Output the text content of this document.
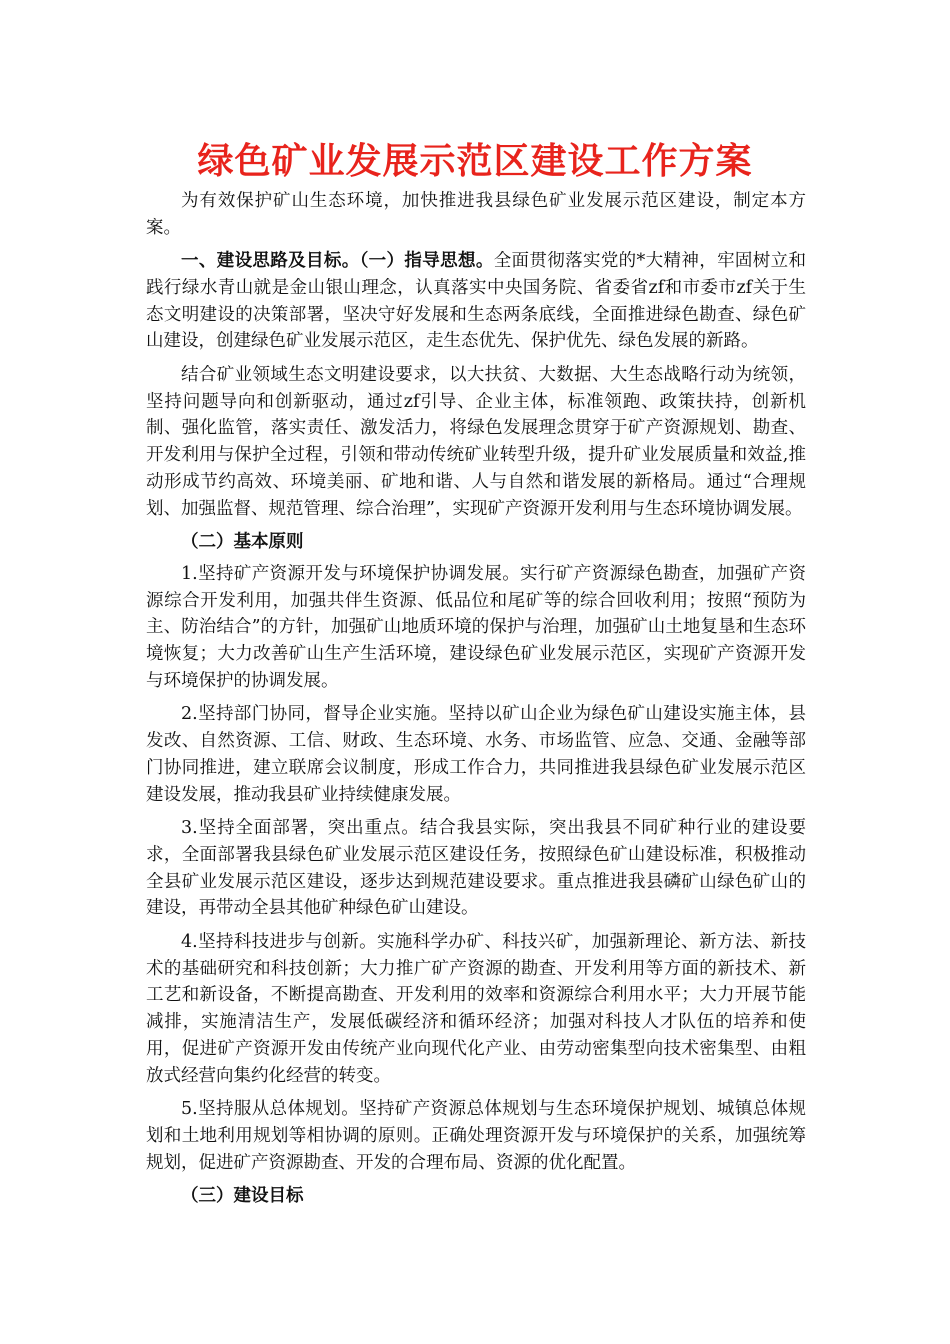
绿色矿业发展示范区建设工作方案

为有效保护矿山生态环境，加快推进我县绿色矿业发展示范区建设，制定本方案。

一、建设思路及目标。（一）指导思想。全面贯彻落实党的*大精神，牢固树立和践行绿水青山就是金山银山理念，认真落实中央国务院、省委省zf和市委市zf关于生态文明建设的决策部署，坚决守好发展和生态两条底线，全面推进绿色勘查、绿色矿山建设，创建绿色矿业发展示范区，走生态优先、保护优先、绿色发展的新路。

结合矿业领域生态文明建设要求，以大扶贫、大数据、大生态战略行动为统领，坚持问题导向和创新驱动，通过zf引导、企业主体，标准领跑、政策扶持，创新机制、强化监管，落实责任、激发活力，将绿色发展理念贯穿于矿产资源规划、勘查、开发利用与保护全过程，引领和带动传统矿业转型升级，提升矿业发展质量和效益,推动形成节约高效、环境美丽、矿地和谐、人与自然和谐发展的新格局。通过“合理规划、加强监督、规范管理、综合治理”，实现矿产资源开发利用与生态环境协调发展。

（二）基本原则

1.坚持矿产资源开发与环境保护协调发展。实行矿产资源绿色勘查，加强矿产资源综合开发利用，加强共伴生资源、低品位和尾矿等的综合回收利用；按照“预防为主、防治结合”的方针，加强矿山地质环境的保护与治理，加强矿山土地复垦和生态环境恢复；大力改善矿山生产生活环境，建设绿色矿业发展示范区，实现矿产资源开发与环境保护的协调发展。

2.坚持部门协同，督导企业实施。坚持以矿山企业为绿色矿山建设实施主体，县发改、自然资源、工信、财政、生态环境、水务、市场监管、应急、交通、金融等部门协同推进，建立联席会议制度，形成工作合力，共同推进我县绿色矿业发展示范区建设发展，推动我县矿业持续健康发展。

3.坚持全面部署，突出重点。结合我县实际，突出我县不同矿种行业的建设要求，全面部署我县绿色矿业发展示范区建设任务，按照绿色矿山建设标准，积极推动全县矿业发展示范区建设，逐步达到规范建设要求。重点推进我县磷矿山绿色矿山的建设，再带动全县其他矿种绿色矿山建设。

4.坚持科技进步与创新。实施科学办矿、科技兴矿，加强新理论、新方法、新技术的基础研究和科技创新；大力推广矿产资源的勘查、开发利用等方面的新技术、新工艺和新设备，不断提高勘查、开发利用的效率和资源综合利用水平；大力开展节能减排，实施清洁生产，发展低碳经济和循环经济；加强对科技人才队伍的培养和使用，促进矿产资源开发由传统产业向现代化产业、由劳动密集型向技术密集型、由粗放式经营向集约化经营的转变。

5.坚持服从总体规划。坚持矿产资源总体规划与生态环境保护规划、城镇总体规划和土地利用规划等相协调的原则。正确处理资源开发与环境保护的关系，加强统筹规划，促进矿产资源勘查、开发的合理布局、资源的优化配置。

（三）建设目标
